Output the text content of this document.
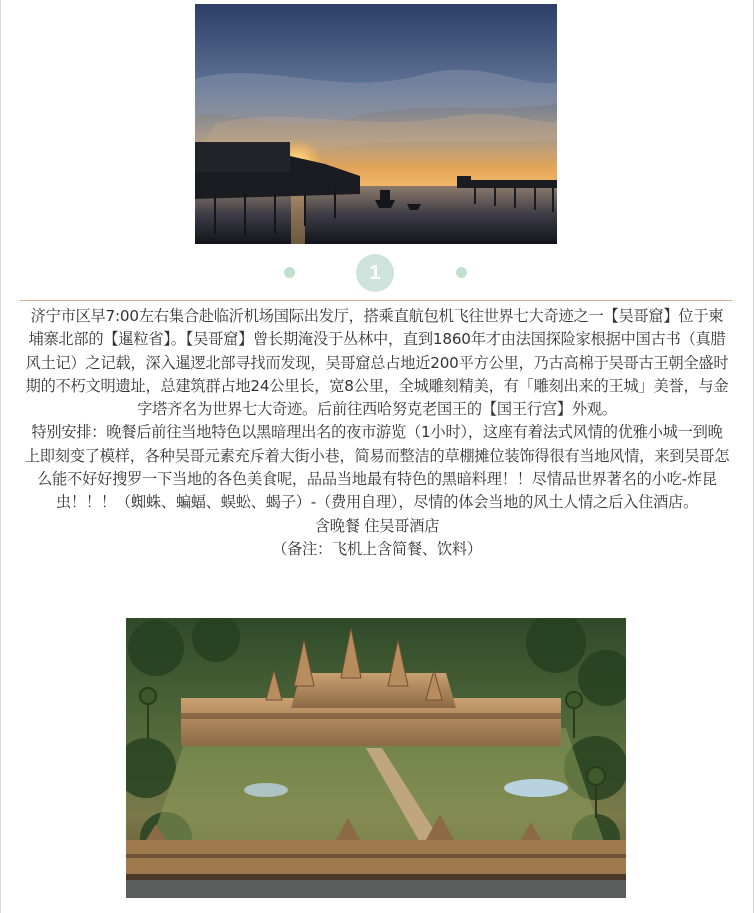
1

济宁市区早7:00左右集合赴临沂机场国际出发厅，搭乘直航包机飞往世界七大奇迹之一【吴哥窟】位于柬埔寨北部的【暹粒省】。【吴哥窟】曾长期淹没于丛林中，直到1860年才由法国探险家根据中国古书（真腊风土记）之记载，深入暹逻北部寻找而发现，吴哥窟总占地近200平方公里，乃古高棉于吴哥古王朝全盛时期的不朽文明遗址，总建筑群占地24公里长，宽8公里，全城雕刻精美，有「雕刻出来的王城」美誉，与金字塔齐名为世界七大奇迹。后前往西哈努克老国王的【国王行宫】外观。

特别安排：晚餐后前往当地特色以黑暗理出名的夜市游览（1小时），这座有着法式风情的优雅小城一到晚上即刻变了模样，各种吴哥元素充斥着大街小巷，简易而整洁的草棚摊位装饰得很有当地风情，来到吴哥怎么能不好好搜罗一下当地的各色美食呢，品品当地最有特色的黑暗料理！！尽情品世界著名的小吃-炸昆虫！！！（蜘蛛、蝙蝠、蜈蚣、蝎子）-（费用自理），尽情的体会当地的风土人情之后入住酒店。

含晚餐 住吴哥酒店

（备注：飞机上含简餐、饮料）
